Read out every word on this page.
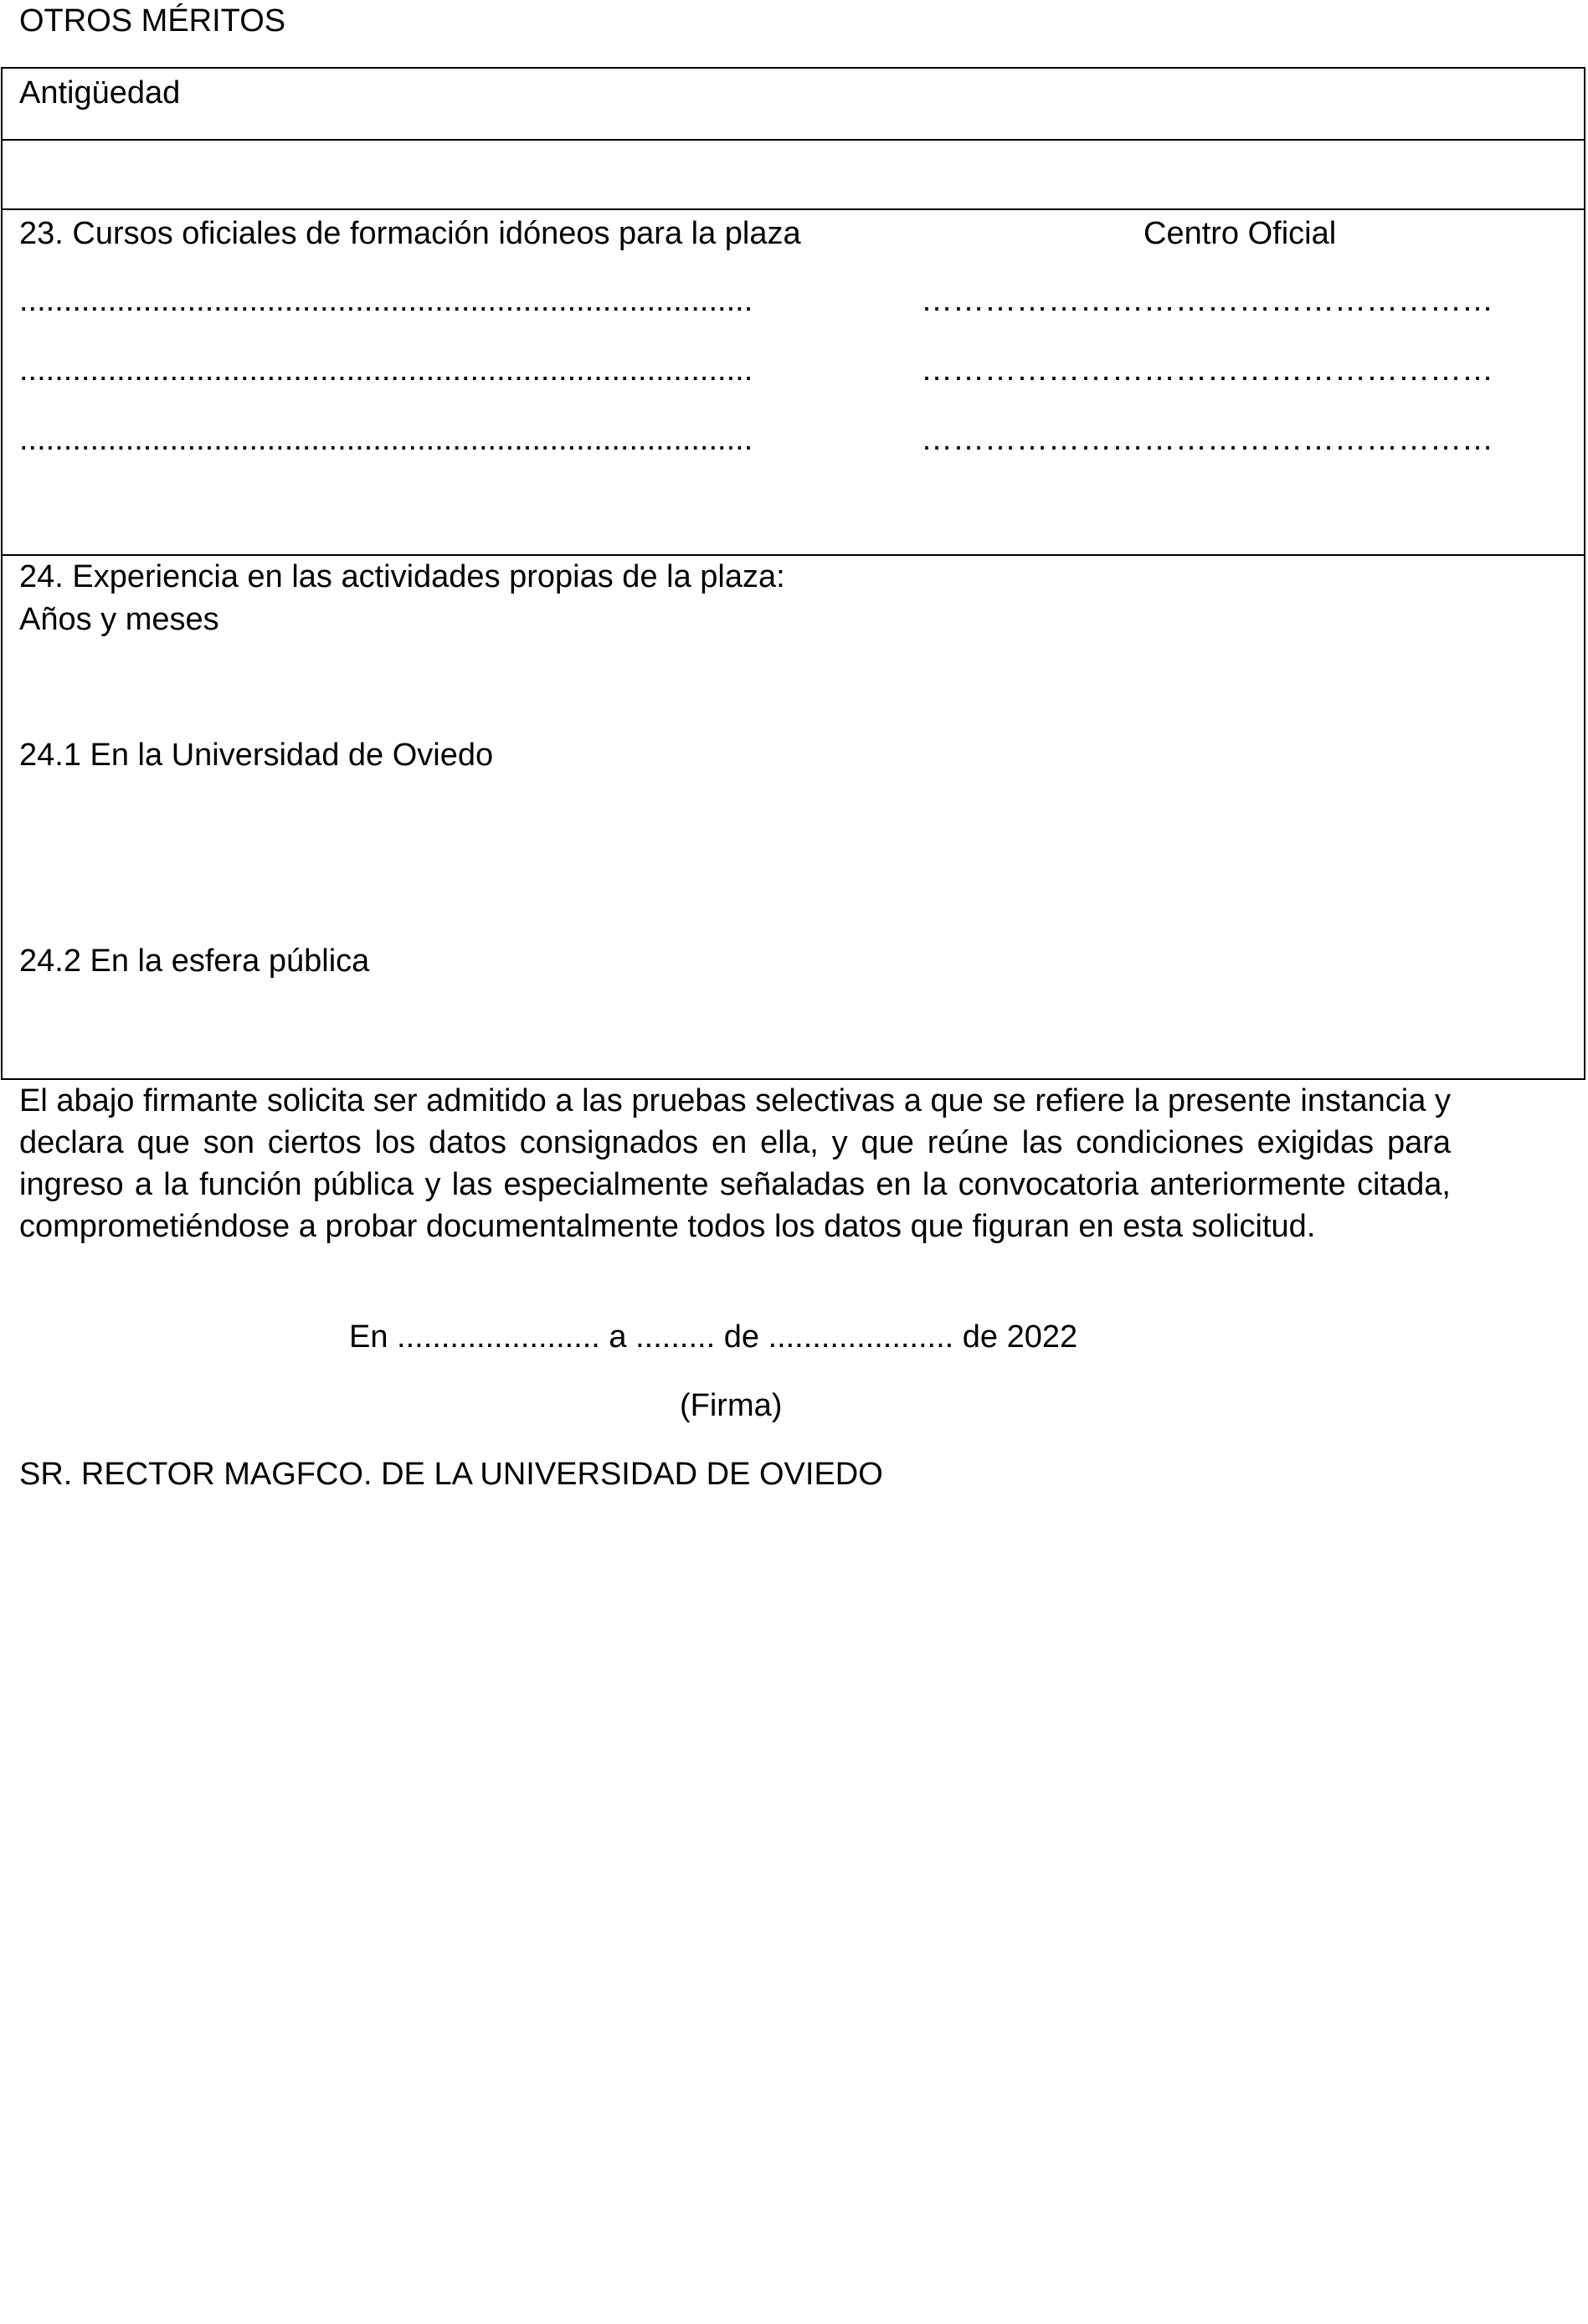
OTROS MÉRITOS
Antigüedad
23. Cursos oficiales de formación idóneos para la plaza	Centro Oficial
...................................................................................	………………………………………………
...................................................................................	………………………………………………
...................................................................................	………………………………………………
24. Experiencia en las actividades propias de la plaza:
Años y meses
24.1 En la Universidad de Oviedo
24.2 En la esfera pública
El abajo firmante solicita ser admitido a las pruebas selectivas a que se refiere la presente instancia y declara que son ciertos los datos consignados en ella, y que reúne las condiciones exigidas para ingreso a la función pública y las especialmente señaladas en la convocatoria anteriormente citada, comprometiéndose a probar documentalmente todos los datos que figuran en esta solicitud.
En ....................... a ......... de ..................... de 2022
(Firma)
SR. RECTOR MAGFCO. DE LA UNIVERSIDAD DE OVIEDO
